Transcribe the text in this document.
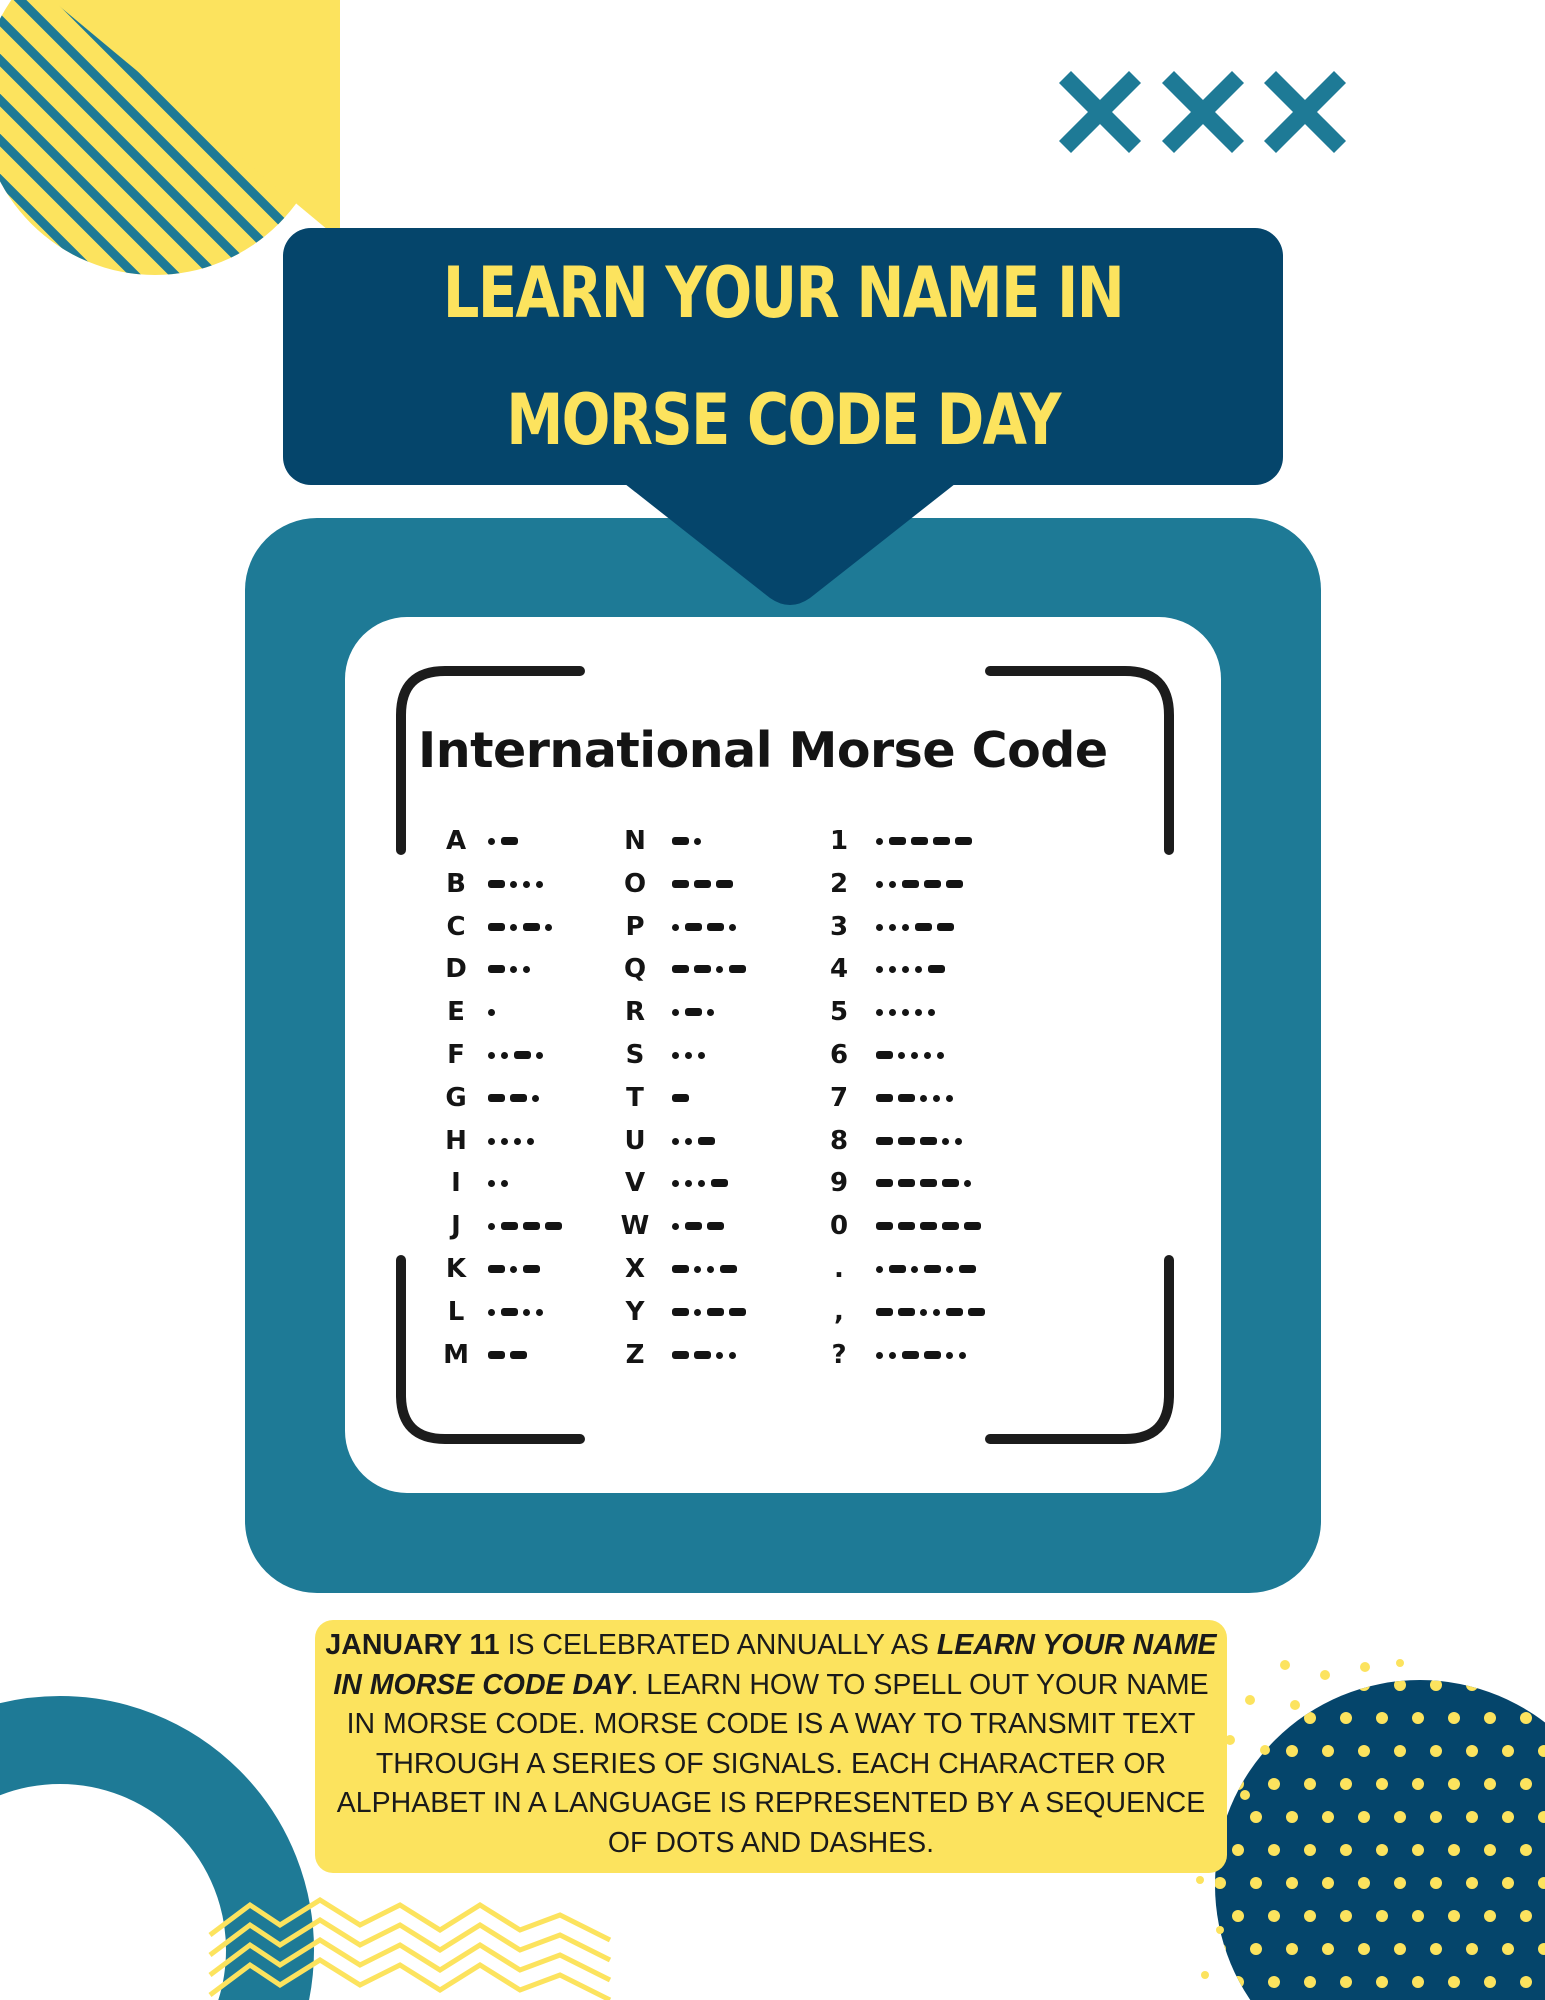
LEARN YOUR NAME IN
MORSE CODE DAY
International Morse Code
A
B
C
D
E
F
G
H
I
J
K
L
M
N
O
P
Q
R
S
T
U
V
W
X
Y
Z
1
2
3
4
5
6
7
8
9
0
.
,
?
JANUARY 11 IS CELEBRATED ANNUALLY AS LEARN YOUR NAME IN MORSE CODE DAY. LEARN HOW TO SPELL OUT YOUR NAME IN MORSE CODE. MORSE CODE IS A WAY TO TRANSMIT TEXT THROUGH A SERIES OF SIGNALS. EACH CHARACTER OR ALPHABET IN A LANGUAGE IS REPRESENTED BY A SEQUENCE OF DOTS AND DASHES.
